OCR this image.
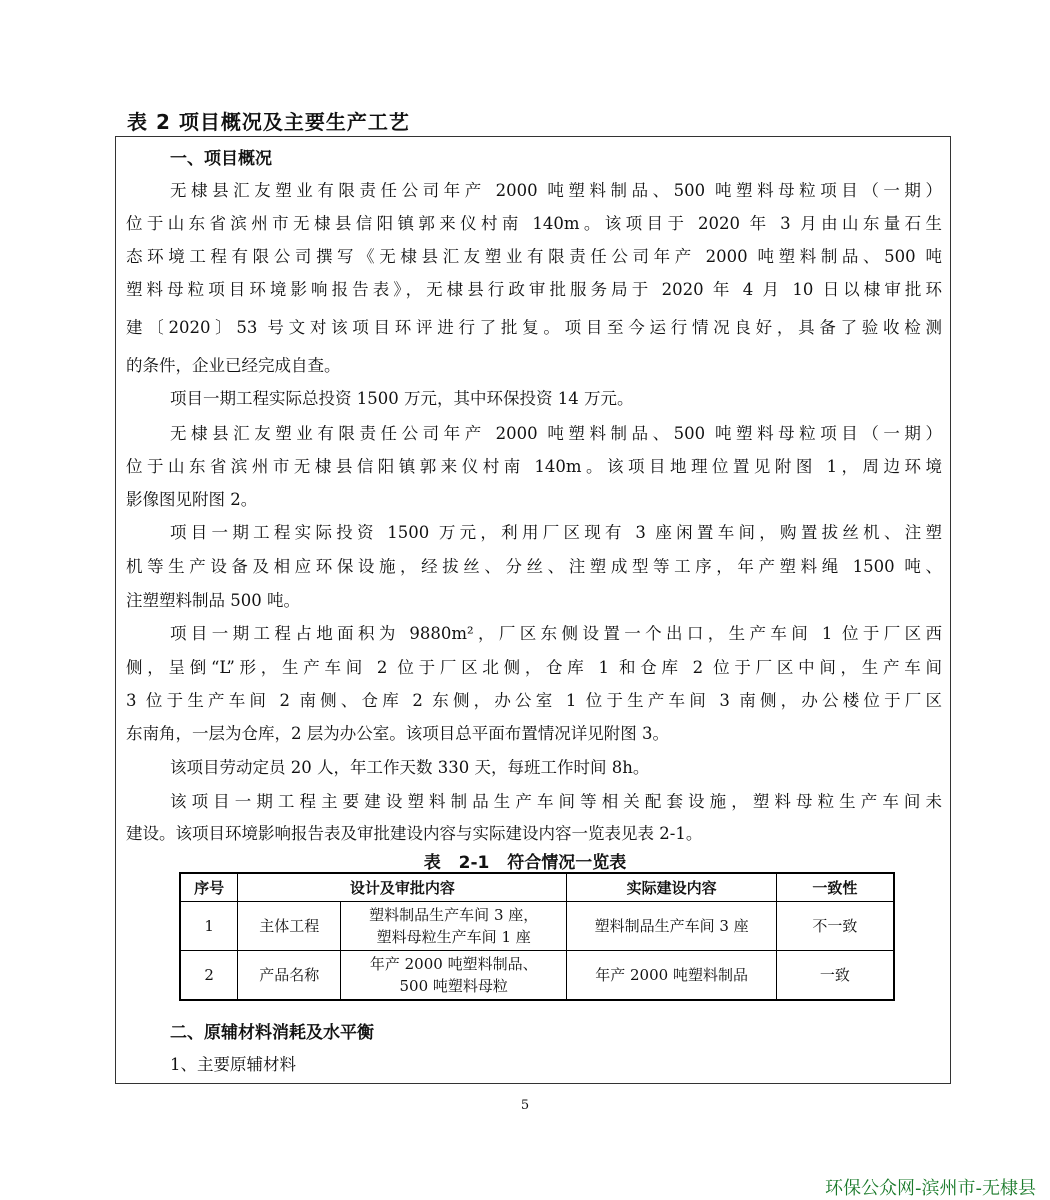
表 2 项目概况及主要生产工艺
一、项目概况
无棣县汇友塑业有限责任公司年产 2000 吨塑料制品、500 吨塑料母粒项目（一期）
位于山东省滨州市无棣县信阳镇郭来仪村南 140m。该项目于 2020 年 3 月由山东量石生
态环境工程有限公司撰写《无棣县汇友塑业有限责任公司年产 2000 吨塑料制品、500 吨
塑料母粒项目环境影响报告表》，无棣县行政审批服务局于 2020 年 4 月 10 日以棣审批环
建〔2020〕53 号文对该项目环评进行了批复。项目至今运行情况良好，具备了验收检测
的条件，企业已经完成自查。
项目一期工程实际总投资 1500 万元，其中环保投资 14 万元。
无棣县汇友塑业有限责任公司年产 2000 吨塑料制品、500 吨塑料母粒项目（一期）
位于山东省滨州市无棣县信阳镇郭来仪村南 140m。该项目地理位置见附图 1，周边环境
影像图见附图 2。
项目一期工程实际投资 1500 万元，利用厂区现有 3 座闲置车间，购置拔丝机、注塑
机等生产设备及相应环保设施，经拔丝、分丝、注塑成型等工序，年产塑料绳 1500 吨、
注塑塑料制品 500 吨。
项目一期工程占地面积为 9880m²，厂区东侧设置一个出口，生产车间 1 位于厂区西
侧，呈倒“L”形，生产车间 2 位于厂区北侧，仓库 1 和仓库 2 位于厂区中间，生产车间
3 位于生产车间 2 南侧、仓库 2 东侧，办公室 1 位于生产车间 3 南侧，办公楼位于厂区
东南角，一层为仓库，2 层为办公室。该项目总平面布置情况详见附图 3。
该项目劳动定员 20 人，年工作天数 330 天，每班工作时间 8h。
该项目一期工程主要建设塑料制品生产车间等相关配套设施，塑料母粒生产车间未
建设。该项目环境影响报告表及审批建设内容与实际建设内容一览表见表 2-1。
表 2-1 符合情况一览表
序号	设计及审批内容		实际建设内容	一致性
1	主体工程	塑料制品生产车间 3 座，
塑料母粒生产车间 1 座	塑料制品生产车间 3 座	不一致
2	产品名称	年产 2000 吨塑料制品、
500 吨塑料母粒	年产 2000 吨塑料制品	一致
二、原辅材料消耗及水平衡
1、主要原辅材料
5
环保公众网-滨州市-无棣县
